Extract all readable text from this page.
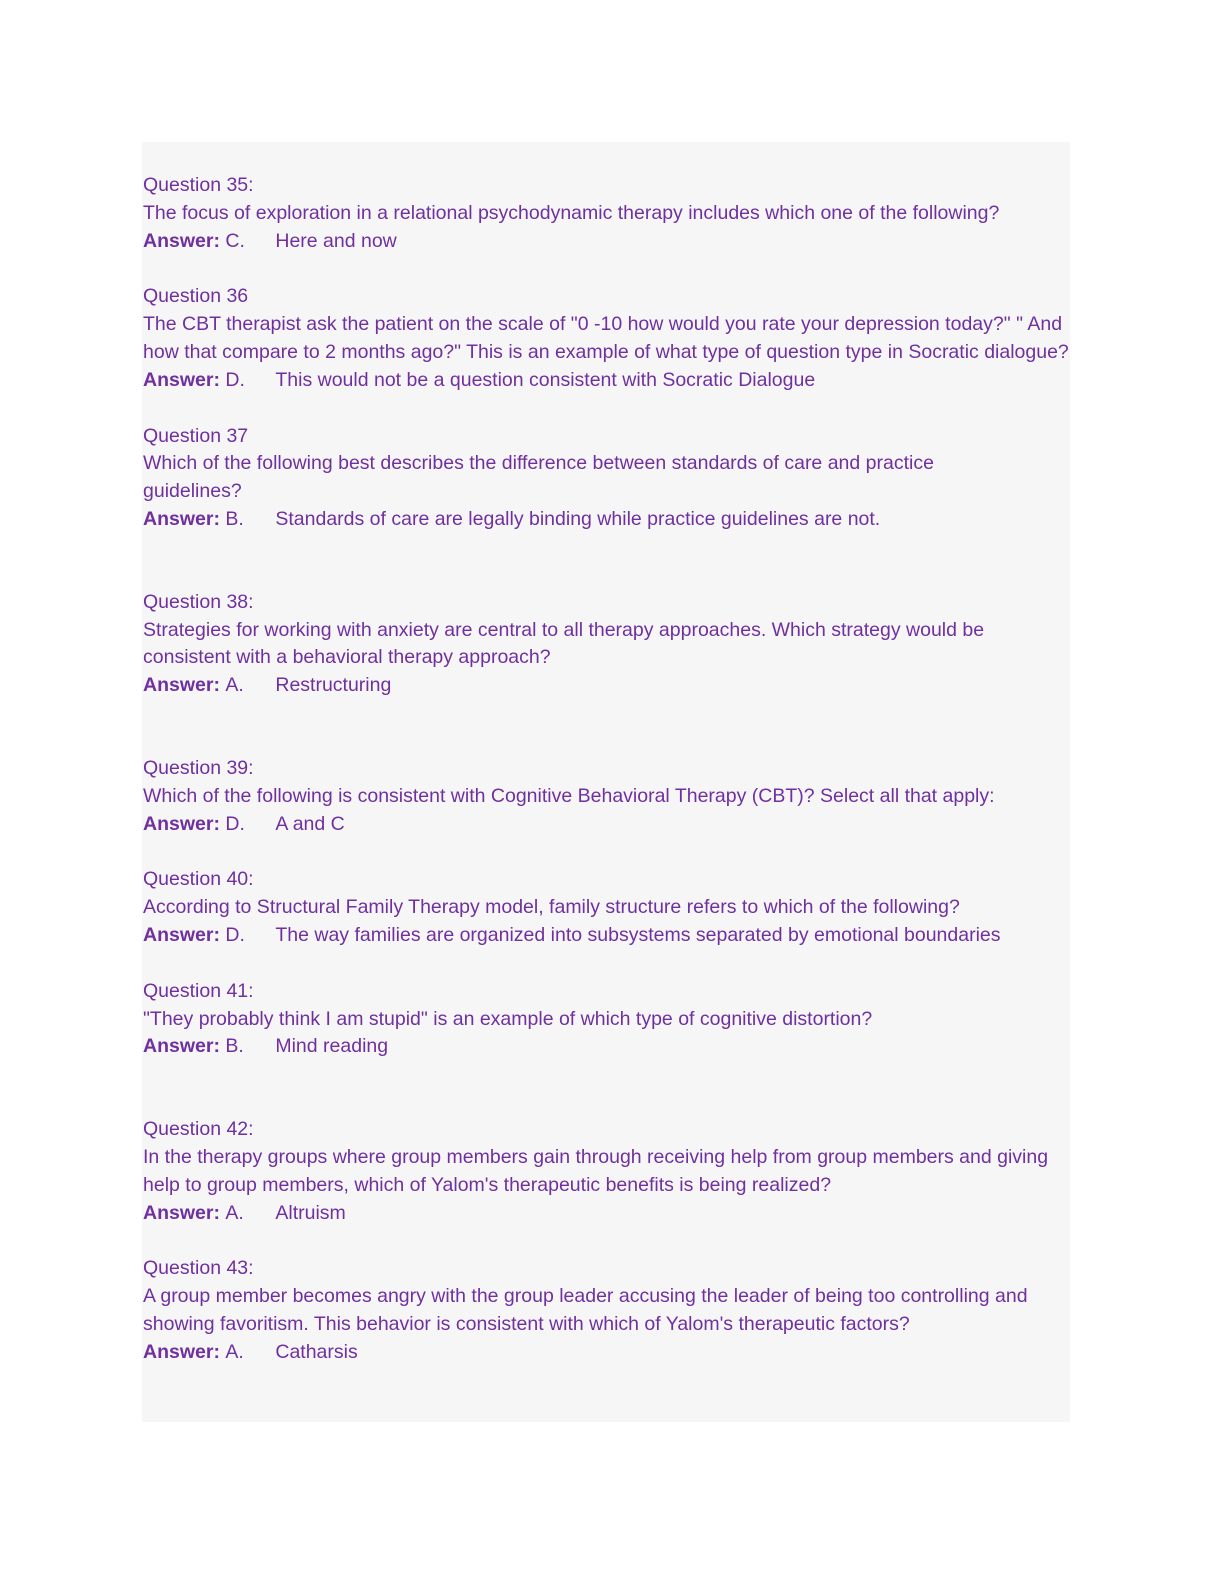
Question 35:

The focus of exploration in a relational psychodynamic therapy includes which one of the following?

Answer: C. Here and now

Question 36

The CBT therapist ask the patient on the scale of "0 -10 how would you rate your depression today?" " And how that compare to 2 months ago?" This is an example of what type of question type in Socratic dialogue?

Answer: D. This would not be a question consistent with Socratic Dialogue

Question 37

Which of the following best describes the difference between standards of care and practice guidelines?

Answer: B. Standards of care are legally binding while practice guidelines are not.

Question 38:

Strategies for working with anxiety are central to all therapy approaches. Which strategy would be consistent with a behavioral therapy approach?

Answer: A. Restructuring

Question 39:

Which of the following is consistent with Cognitive Behavioral Therapy (CBT)? Select all that apply:

Answer: D. A and C

Question 40:

According to Structural Family Therapy model, family structure refers to which of the following?

Answer: D. The way families are organized into subsystems separated by emotional boundaries

Question 41:

"They probably think I am stupid" is an example of which type of cognitive distortion?

Answer: B. Mind reading

Question 42:

In the therapy groups where group members gain through receiving help from group members and giving help to group members, which of Yalom's therapeutic benefits is being realized?

Answer: A. Altruism

Question 43:

A group member becomes angry with the group leader accusing the leader of being too controlling and showing favoritism. This behavior is consistent with which of Yalom's therapeutic factors?

Answer: A. Catharsis
